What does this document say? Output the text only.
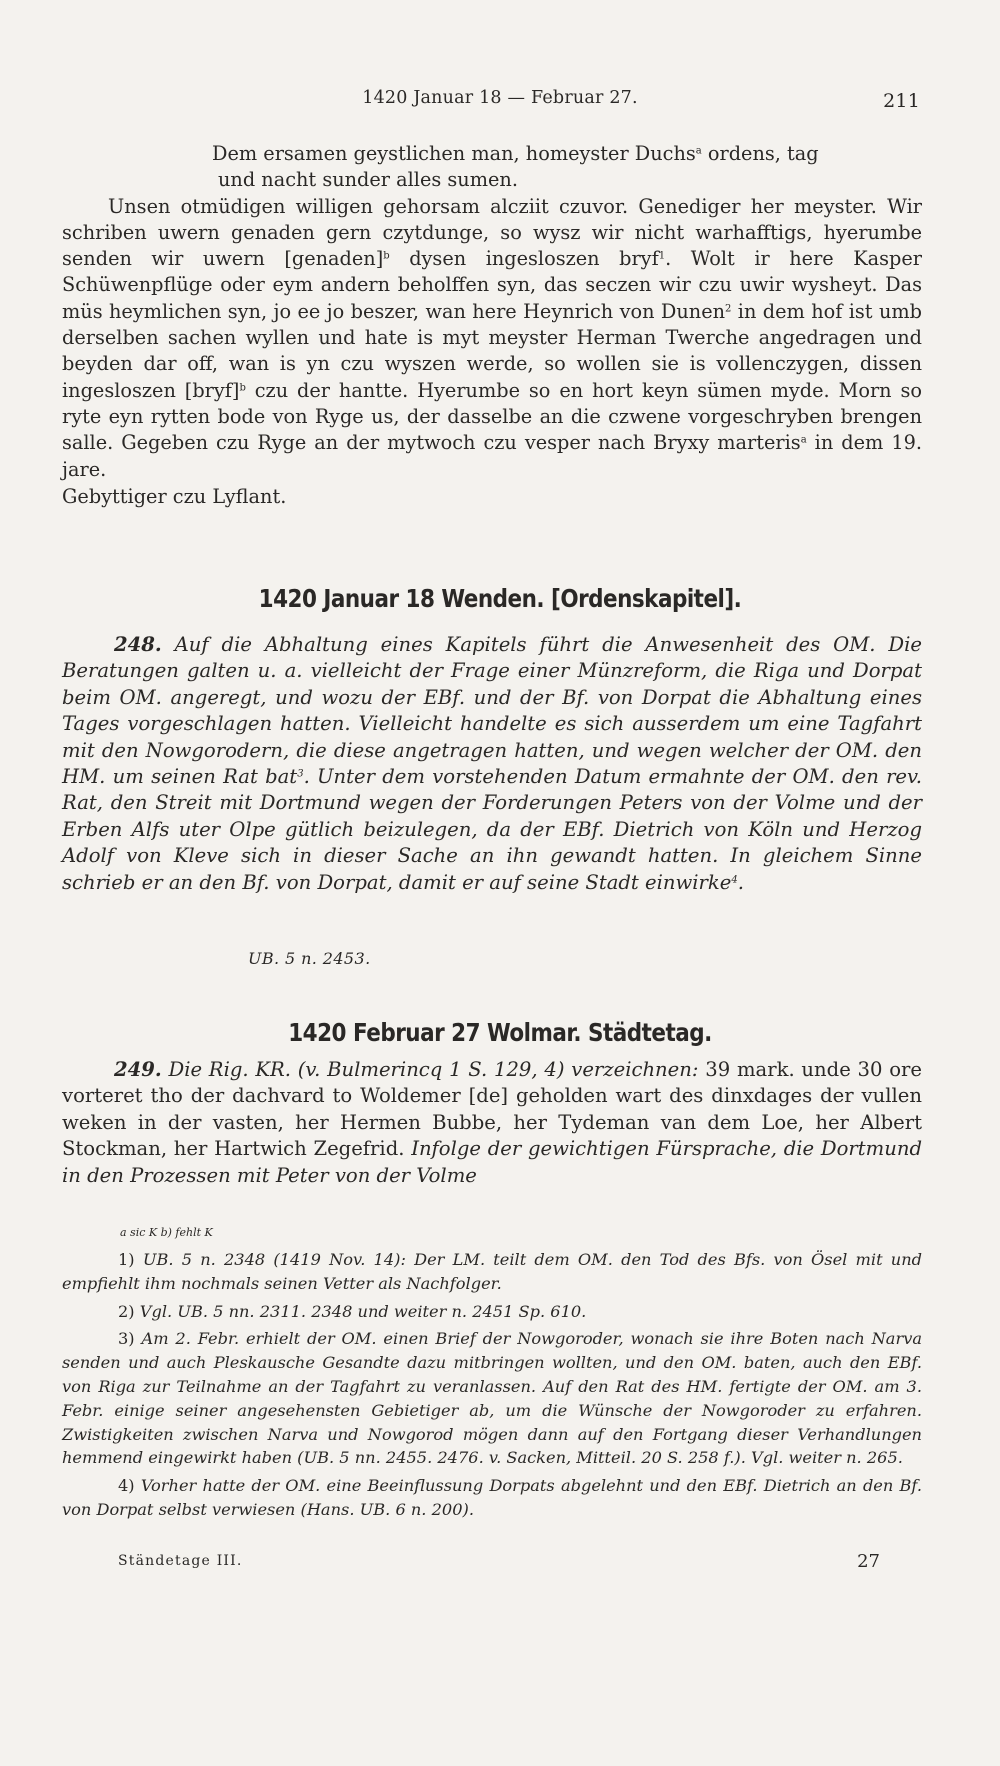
1420 Januar 18 — Februar 27.	211

Dem ersamen geystlichen man, homeyster Duchs$^a$ ordens, tag

und nacht sunder alles sumen.

Unsen otmüdigen willigen gehorsam alcziit czuvor. Genediger her meyster. Wir schriben uwern genaden gern czytdunge, so wysz wir nicht warhafftigs, hyerumbe senden wir uwern [genaden]$^b$ dysen ingesloszen bryf$^1$. Wolt ir here Kasper Schüwenpflüge oder eym andern beholffen syn, das seczen wir czu uwir wysheyt. Das müs heymlichen syn, jo ee jo beszer, wan here Heynrich von Dunen$^2$ in dem hof ist umb derselben sachen wyllen und hate is myt meyster Herman Twerche angedragen und beyden dar off, wan is yn czu wyszen werde, so wollen sie is vollenczygen, dissen ingesloszen [bryf]$^b$ czu der hantte. Hyerumbe so en hort keyn sümen myde. Morn so ryte eyn rytten bode von Ryge us, der dasselbe an die czwene vorgeschryben brengen salle. Gegeben czu Ryge an der mytwoch czu vesper nach Bryxy marteris$^a$ in dem 19. jare.

Gebyttiger czu Lyflant.

1420 Januar 18 Wenden. [Ordenskapitel].

248. Auf die Abhaltung eines Kapitels führt die Anwesenheit des OM. Die Beratungen galten u. a. vielleicht der Frage einer Münzreform, die Riga und Dorpat beim OM. angeregt, und wozu der EBf. und der Bf. von Dorpat die Abhaltung eines Tages vorgeschlagen hatten. Vielleicht handelte es sich ausserdem um eine Tagfahrt mit den Nowgorodern, die diese angetragen hatten, und wegen welcher der OM. den HM. um seinen Rat bat$^3$. Unter dem vorstehenden Datum ermahnte der OM. den rev. Rat, den Streit mit Dortmund wegen der Forderungen Peters von der Volme und der Erben Alfs uter Olpe gütlich beizulegen, da der EBf. Dietrich von Köln und Herzog Adolf von Kleve sich in dieser Sache an ihn gewandt hatten. In gleichem Sinne schrieb er an den Bf. von Dorpat, damit er auf seine Stadt einwirke$^4$.

UB. 5 n. 2453.
1420 Februar 27 Wolmar. Städtetag.

249. Die Rig. KR. (v. Bulmerincq 1 S. 129, 4) verzeichnen: 39 mark. unde 30 ore vorteret tho der dachvard to Woldemer [de] geholden wart des dinxdages der vullen weken in der vasten, her Hermen Bubbe, her Tydeman van dem Loe, her Albert Stockman, her Hartwich Zegefrid. Infolge der gewichtigen Fürsprache, die Dortmund in den Prozessen mit Peter von der Volme

a sic K b) fehlt K

1) UB. 5 n. 2348 (1419 Nov. 14): Der LM. teilt dem OM. den Tod des Bfs. von Ösel mit und empfiehlt ihm nochmals seinen Vetter als Nachfolger.

2) Vgl. UB. 5 nn. 2311. 2348 und weiter n. 2451 Sp. 610.

3) Am 2. Febr. erhielt der OM. einen Brief der Nowgoroder, wonach sie ihre Boten nach Narva senden und auch Pleskausche Gesandte dazu mitbringen wollten, und den OM. baten, auch den EBf. von Riga zur Teilnahme an der Tagfahrt zu veranlassen. Auf den Rat des HM. fertigte der OM. am 3. Febr. einige seiner angesehensten Gebietiger ab, um die Wünsche der Nowgoroder zu erfahren. Zwistigkeiten zwischen Narva und Nowgorod mögen dann auf den Fortgang dieser Verhandlungen hemmend eingewirkt haben (UB. 5 nn. 2455. 2476. v. Sacken, Mitteil. 20 S. 258 f.). Vgl. weiter n. 265.

4) Vorher hatte der OM. eine Beeinflussung Dorpats abgelehnt und den EBf. Dietrich an den Bf. von Dorpat selbst verwiesen (Hans. UB. 6 n. 200).

Ständetage III.	27
